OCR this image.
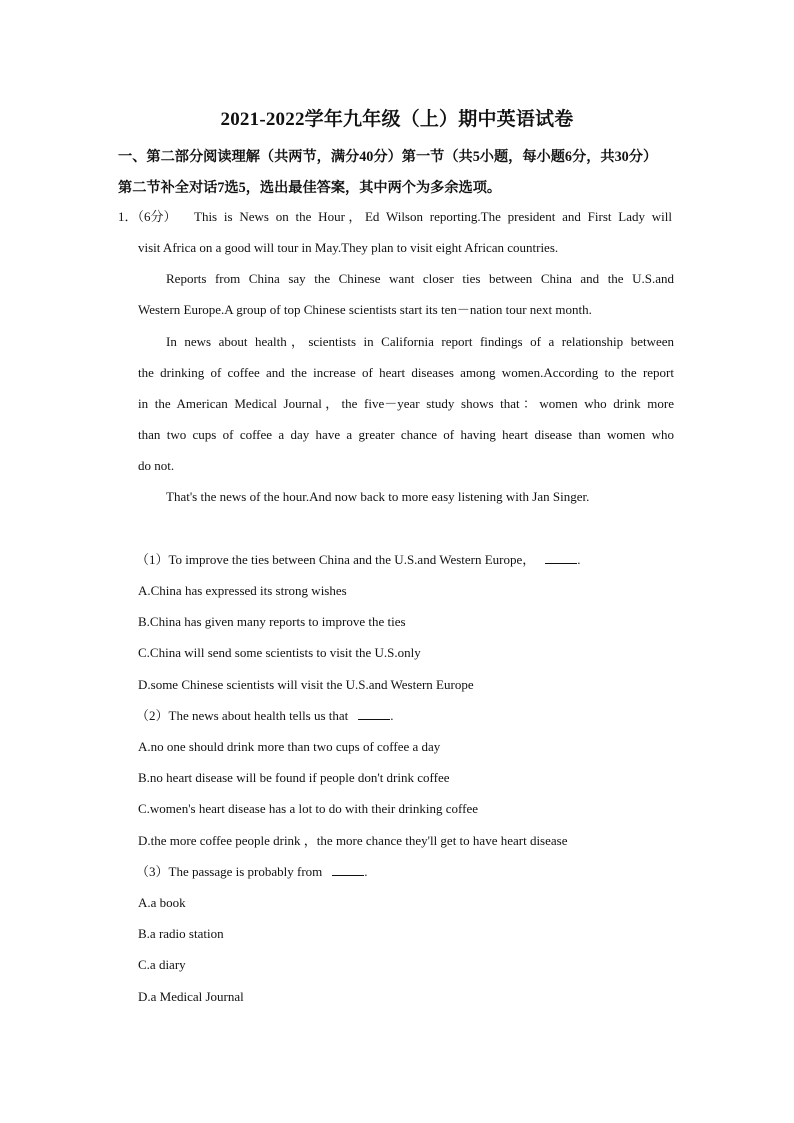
2021-2022学年九年级（上）期中英语试卷
一、第二部分阅读理解（共两节，满分40分）第一节（共5小题，每小题6分，共30分）
第二节补全对话7选5，选出最佳答案，其中两个为多余选项。
1．（6分） This is News on the Hour，Ed Wilson reporting.The president and First Lady will
visit Africa on a good will tour in May.They plan to visit eight African countries.
Reports from China say the Chinese want closer ties between China and the U.S.and
Western Europe.A group of top Chinese scientists start its ten－nation tour next month.
In news about health，scientists in California report findings of a relationship between
the drinking of coffee and the increase of heart diseases among women.According to the report
in the American Medical Journal，the five－year study shows that：women who drink more
than two cups of coffee a day have a greater chance of having heart disease than women who
do not.
That's the news of the hour.And now back to more easy listening with Jan Singer.
（1）To improve the ties between China and the U.S.and Western Europe，	.
A.China has expressed its strong wishes
B.China has given many reports to improve the ties
C.China will send some scientists to visit the U.S.only
D.some Chinese scientists will visit the U.S.and Western Europe
（2）The news about health tells us that	.
A.no one should drink more than two cups of coffee a day
B.no heart disease will be found if people don't drink coffee
C.women's heart disease has a lot to do with their drinking coffee
D.the more coffee people drink ，the more chance they'll get to have heart disease
（3）The passage is probably from	.
A.a book
B.a radio station
C.a diary
D.a Medical Journal
